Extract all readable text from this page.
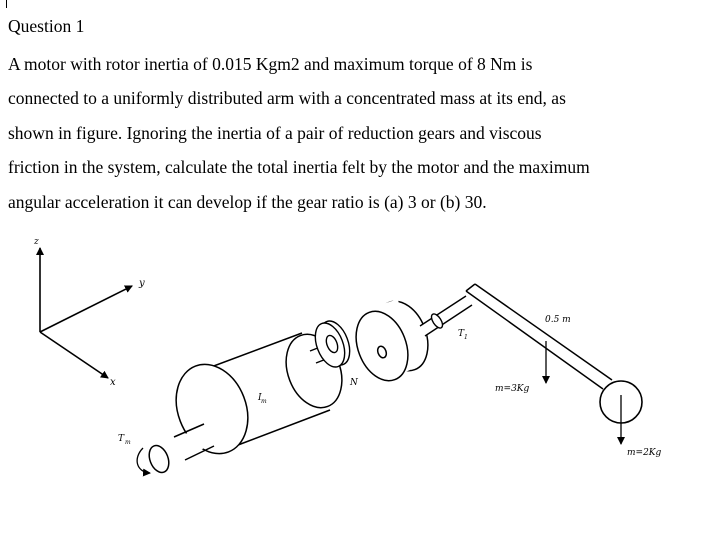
Question 1

A motor with rotor inertia of 0.015 Kgm2 and maximum torque of 8 Nm is
connected to a uniformly distributed arm with a concentrated mass at its end, as
shown in figure. Ignoring the inertia of a pair of reduction gears and viscous
friction in the system, calculate the total inertia felt by the motor and the maximum
angular acceleration it can develop if the gear ratio is (a) 3 or (b) 30.

z
y
x
T m
I m
N
T 1
0.5 m
m=3Kg
m=2Kg
